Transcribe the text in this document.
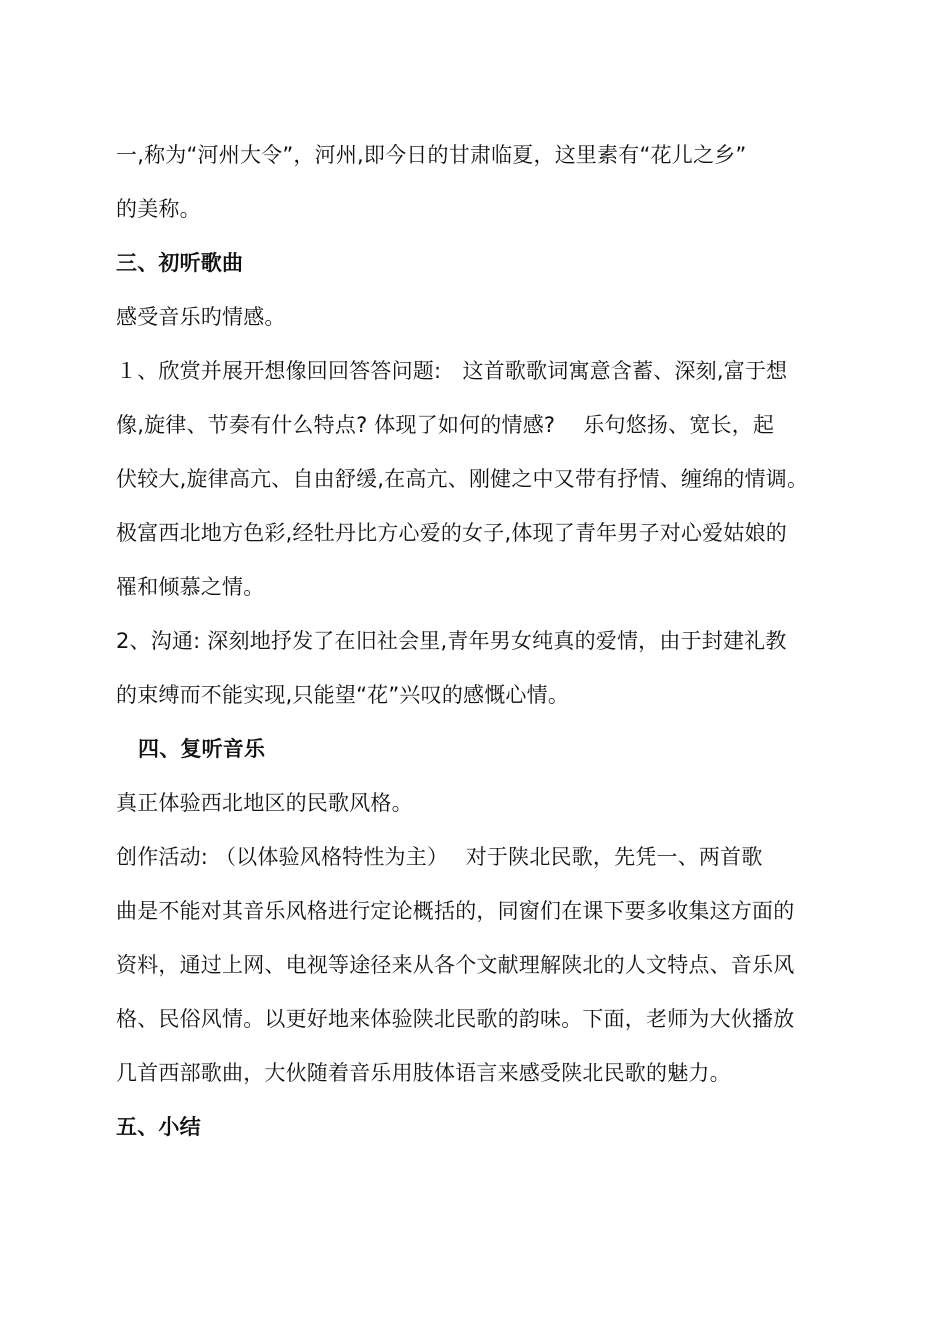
一,称为“河州大令”，河州,即今日的甘肃临夏，这里素有“花儿之乡”
的美称。
三、初听歌曲
感受音乐旳情感。
１、欣赏并展开想像回回答答问题:　这首歌歌词寓意含蓄、深刻,富于想
像,旋律、节奏有什么特点? 体现了如何的情感?　 乐句悠扬、宽长，起
伏较大,旋律高亢、自由舒缓,在高亢、刚健之中又带有抒情、缠绵的情调。
极富西北地方色彩,经牡丹比方心爱的女子,体现了青年男子对心爱姑娘的
罹和倾慕之情。
2、沟通: 深刻地抒发了在旧社会里,青年男女纯真的爱情，由于封建礼教
的束缚而不能实现,只能望“花”兴叹的感慨心情。
四、复听音乐
真正体验西北地区的民歌风格。
创作活动: （以体验风格特性为主）　 对于陕北民歌，先凭一、两首歌
曲是不能对其音乐风格进行定论概括的，同窗们在课下要多收集这方面的
资料，通过上网、电视等途径来从各个文献理解陕北的人文特点、音乐风
格、民俗风情。以更好地来体验陕北民歌的韵味。下面，老师为大伙播放
几首西部歌曲，大伙随着音乐用肢体语言来感受陕北民歌的魅力。
五、小结
